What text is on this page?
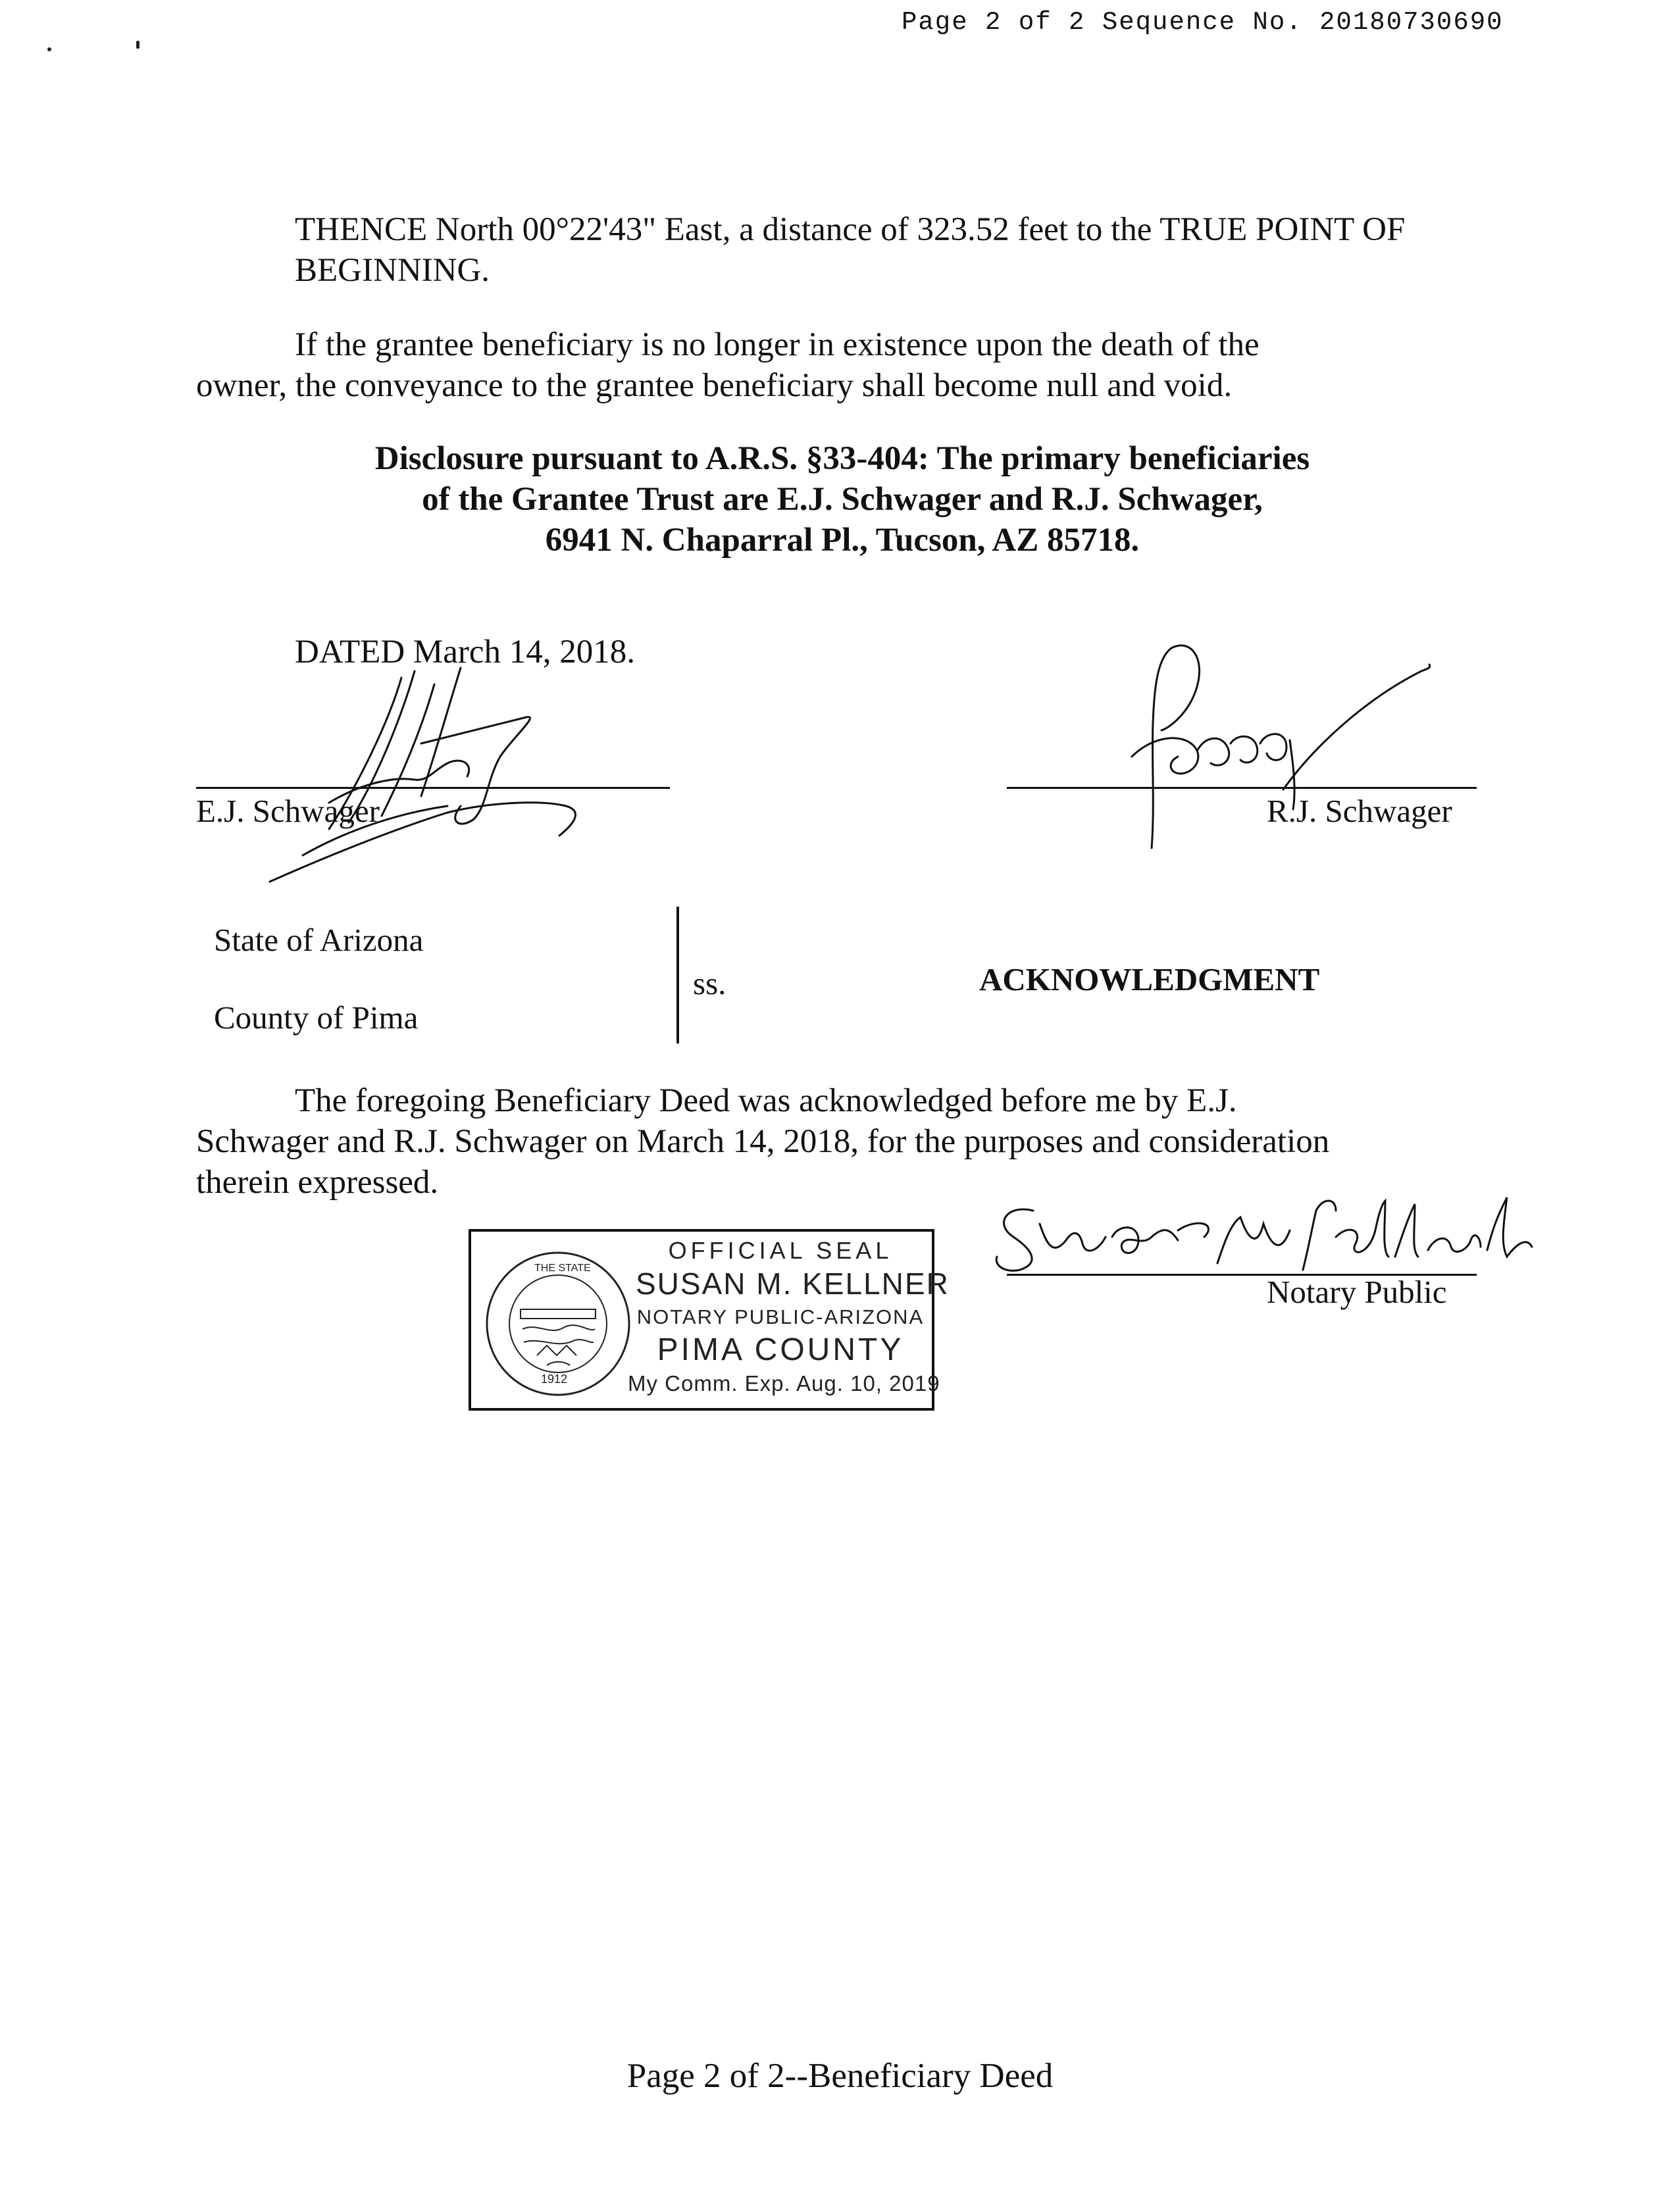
Page 2 of 2 Sequence No. 20180730690
THENCE North 00°22'43" East, a distance of 323.52 feet to the TRUE POINT OF BEGINNING.
If the grantee beneficiary is no longer in existence upon the death of the
owner, the conveyance to the grantee beneficiary shall become null and void.
Disclosure pursuant to A.R.S. §33-404: The primary beneficiaries
of the Grantee Trust are E.J. Schwager and R.J. Schwager,
6941 N. Chaparral Pl., Tucson, AZ 85718.
DATED March 14, 2018.
E.J. Schwager	R.J. Schwager
State of Arizona
County of Pima
ss.	ACKNOWLEDGMENT
The foregoing Beneficiary Deed was acknowledged before me by E.J.
Schwager and R.J. Schwager on March 14, 2018, for the purposes and consideration
therein expressed.
Notary Public
1912
THE STATE
OFFICIAL SEAL
SUSAN M. KELLNER
NOTARY PUBLIC-ARIZONA
PIMA COUNTY
My Comm. Exp. Aug. 10, 2019
Page 2 of 2--Beneficiary Deed
